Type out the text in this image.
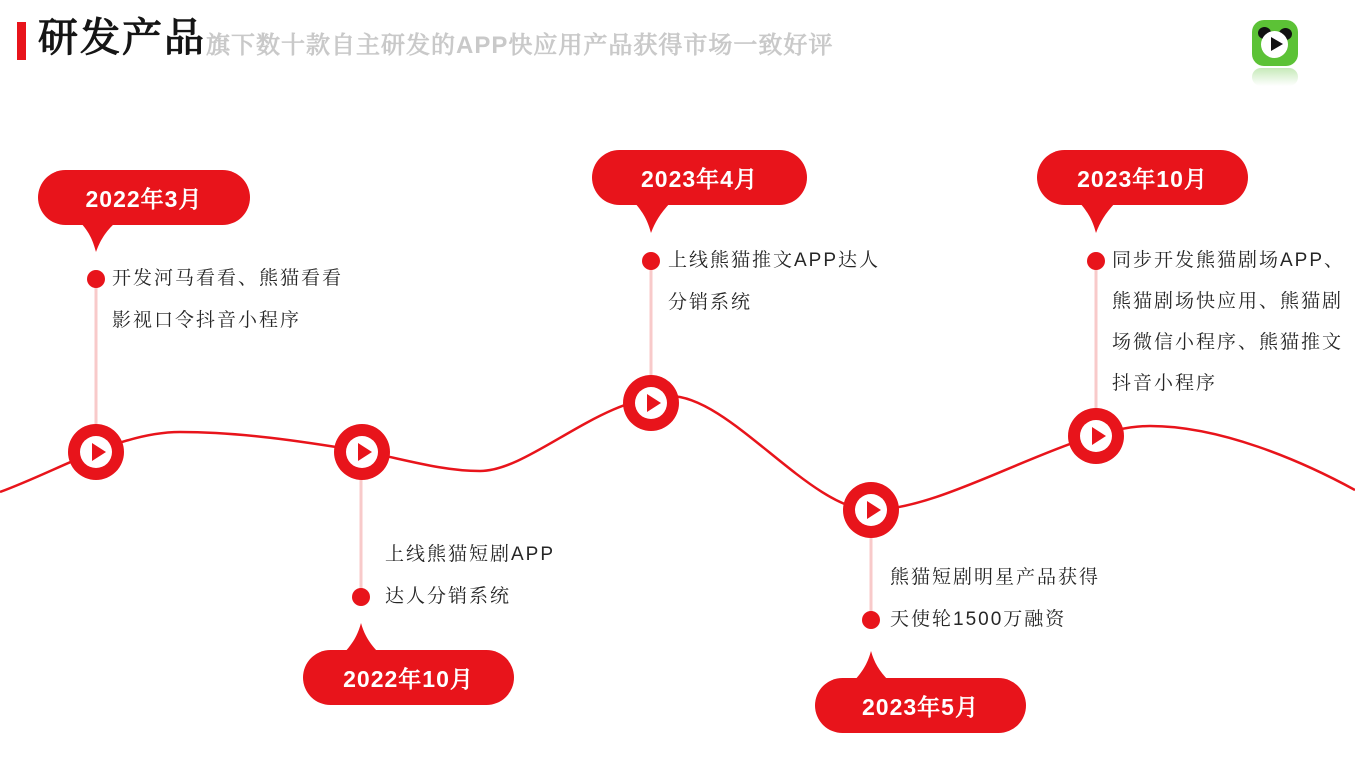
研发产品 旗下数十款自主研发的APP快应用产品获得市场一致好评
2022年3月
开发河马看看、熊猫看看
影视口令抖音小程序
2022年10月
上线熊猫短剧APP
达人分销系统
2023年4月
上线熊猫推文APP达人
分销系统
2023年5月
熊猫短剧明星产品获得
天使轮1500万融资
2023年10月
同步开发熊猫剧场APP、
熊猫剧场快应用、熊猫剧
场微信小程序、熊猫推文
抖音小程序
